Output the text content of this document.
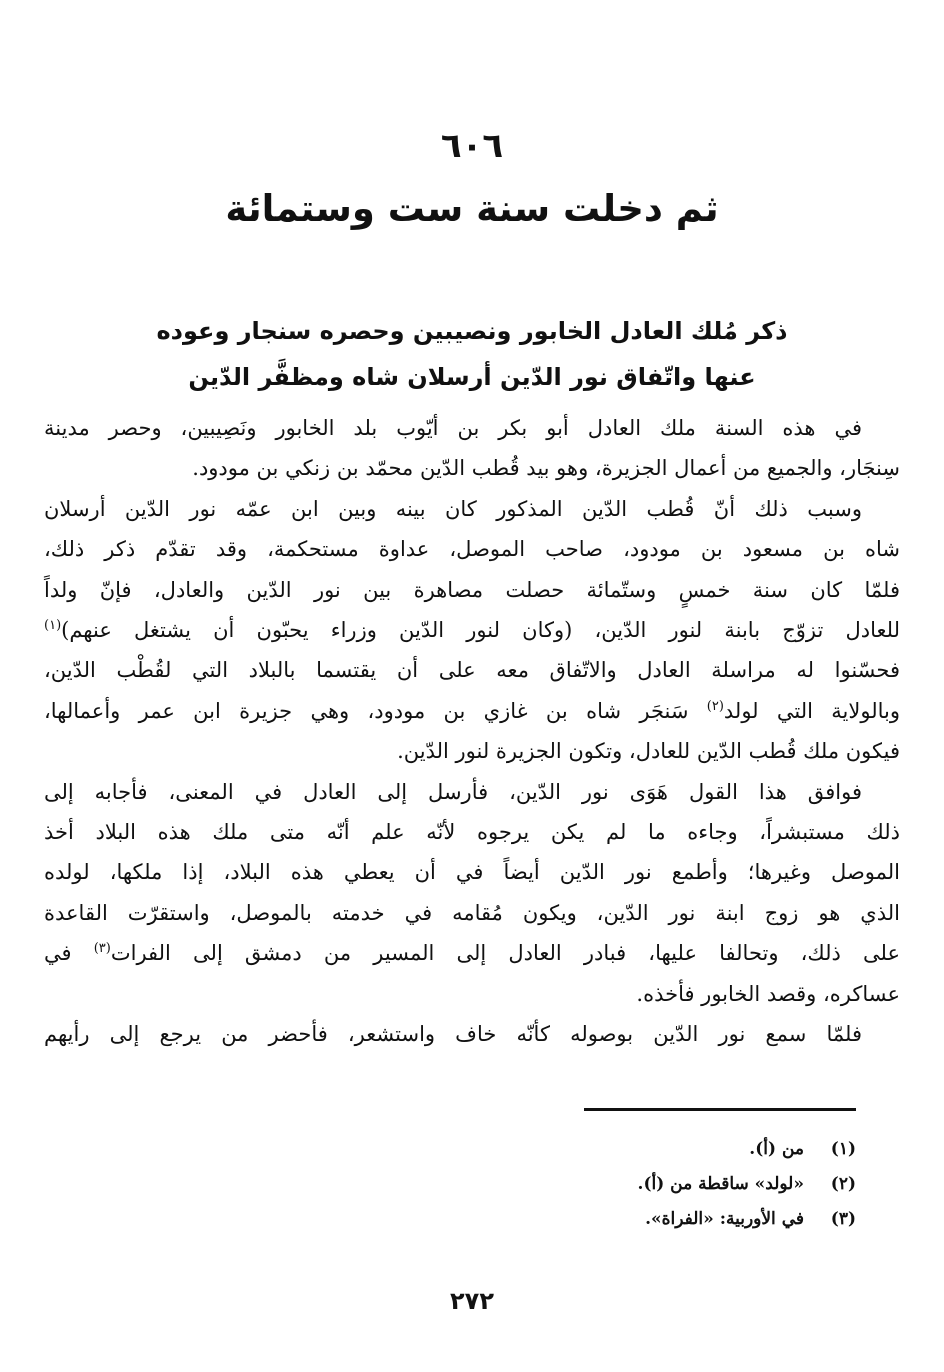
٦٠٦
ثم دخلت سنة ست وستمائة
ذكر مُلك العادل الخابور ونصيبين وحصره سنجار وعوده
عنها واتّفاق نور الدّين أرسلان شاه ومظفَّر الدّين

في هذه السنة ملك العادل أبو بكر بن أيّوب بلد الخابور ونَصِيبين، وحصر مدينة
سِنجَار، والجميع من أعمال الجزيرة، وهو بيد قُطب الدّين محمّد بن زنكي بن مودود.

وسبب ذلك أنّ قُطب الدّين المذكور كان بينه وبين ابن عمّه نور الدّين أرسلان
شاه بن مسعود بن مودود، صاحب الموصل، عداوة مستحكمة، وقد تقدّم ذكر ذلك،
فلمّا كان سنة خمسٍ وستّمائة حصلت مصاهرة بين نور الدّين والعادل، فإنّ ولداً
للعادل تزوّج بابنة لنور الدّين، (وكان لنور الدّين وزراء يحبّون أن يشتغل عنهم)$^{(١)}$
فحسّنوا له مراسلة العادل والاتّفاق معه على أن يقتسما بالبلاد التي لقُطْب الدّين،
وبالولاية التي لولد$^{(٢)}$ سَنجَر شاه بن غازي بن مودود، وهي جزيرة ابن عمر وأعمالها،
فيكون ملك قُطب الدّين للعادل، وتكون الجزيرة لنور الدّين.

فوافق هذا القول هَوَى نور الدّين، فأرسل إلى العادل في المعنى، فأجابه إلى
ذلك مستبشراً، وجاءه ما لم يكن يرجوه لأنّه علم أنّه متى ملك هذه البلاد أخذ
الموصل وغيرها؛ وأطمع نور الدّين أيضاً في أن يعطي هذه البلاد، إذا ملكها، لولده
الذي هو زوج ابنة نور الدّين، ويكون مُقامه في خدمته بالموصل، واستقرّت القاعدة
على ذلك، وتحالفا عليها، فبادر العادل إلى المسير من دمشق إلى الفرات$^{(٣)}$ في
عساكره، وقصد الخابور فأخذه.

فلمّا سمع نور الدّين بوصوله كأنّه خاف واستشعر، فأحضر من يرجع إلى رأيهم

(١)
من (أ).
(٢)
«لولد» ساقطة من (أ).
(٣)
في الأوربية: «الفراة».
٢٧٢
